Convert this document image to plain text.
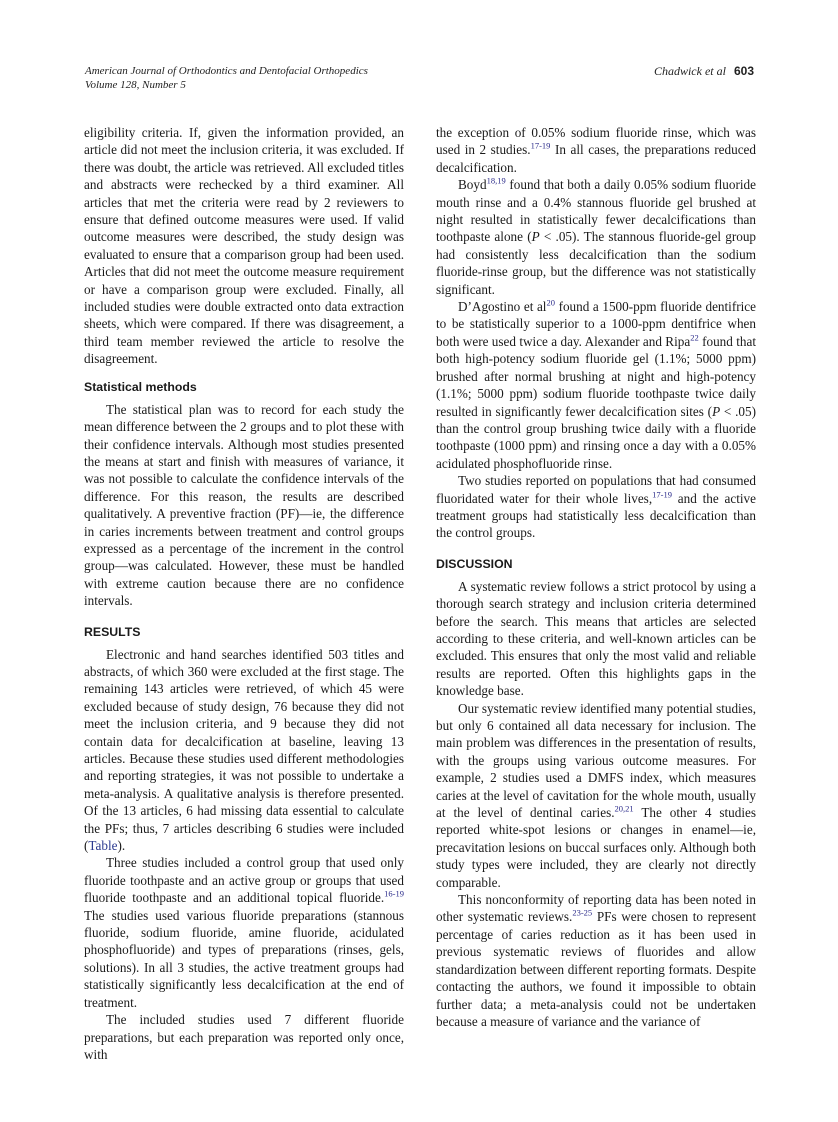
American Journal of Orthodontics and Dentofacial Orthopedics
Volume 128, Number 5
Chadwick et al 603

eligibility criteria. If, given the information provided, an article did not meet the inclusion criteria, it was excluded. If there was doubt, the article was retrieved. All excluded titles and abstracts were rechecked by a third examiner. All articles that met the criteria were read by 2 reviewers to ensure that defined outcome measures were used. If valid outcome measures were described, the study design was evaluated to ensure that a comparison group had been used. Articles that did not meet the outcome measure requirement or have a comparison group were excluded. Finally, all included studies were double extracted onto data extraction sheets, which were compared. If there was disagreement, a third team member reviewed the article to resolve the disagreement.

Statistical methods

The statistical plan was to record for each study the mean difference between the 2 groups and to plot these with their confidence intervals. Although most studies presented the means at start and finish with measures of variance, it was not possible to calculate the confidence intervals of the difference. For this reason, the results are described qualitatively. A preventive fraction (PF)—ie, the difference in caries increments between treatment and control groups expressed as a percentage of the increment in the control group—was calculated. However, these must be handled with extreme caution because there are no confidence intervals.

RESULTS

Electronic and hand searches identified 503 titles and abstracts, of which 360 were excluded at the first stage. The remaining 143 articles were retrieved, of which 45 were excluded because of study design, 76 because they did not meet the inclusion criteria, and 9 because they did not contain data for decalcification at baseline, leaving 13 articles. Because these studies used different methodologies and reporting strategies, it was not possible to undertake a meta-analysis. A qualitative analysis is therefore presented. Of the 13 articles, 6 had missing data essential to calculate the PFs; thus, 7 articles describing 6 studies were included (Table).

Three studies included a control group that used only fluoride toothpaste and an active group or groups that used fluoride toothpaste and an additional topical fluoride.$^{16-19}$ The studies used various fluoride preparations (stannous fluoride, sodium fluoride, amine fluoride, acidulated phosphofluoride) and types of preparations (rinses, gels, solutions). In all 3 studies, the active treatment groups had statistically significantly less decalcification at the end of treatment.

The included studies used 7 different fluoride preparations, but each preparation was reported only once, with

the exception of 0.05% sodium fluoride rinse, which was used in 2 studies.$^{17-19}$ In all cases, the preparations reduced decalcification.

Boyd$^{18,19}$ found that both a daily 0.05% sodium fluoride mouth rinse and a 0.4% stannous fluoride gel brushed at night resulted in statistically fewer decalcifications than toothpaste alone (P < .05). The stannous fluoride-gel group had consistently less decalcification than the sodium fluoride-rinse group, but the difference was not statistically significant.

D’Agostino et $al^{20}$ found a 1500-ppm fluoride dentifrice to be statistically superior to a 1000-ppm dentifrice when both were used twice a day. Alexander and Ripa$^{22}$ found that both high-potency sodium fluoride gel (1.1%; 5000 ppm) brushed after normal brushing at night and high-potency (1.1%; 5000 ppm) sodium fluoride toothpaste twice daily resulted in significantly fewer decalcification sites (P < .05) than the control group brushing twice daily with a fluoride toothpaste (1000 ppm) and rinsing once a day with a 0.05% acidulated phosphofluoride rinse.

Two studies reported on populations that had consumed fluoridated water for their whole lives,$^{17-19}$ and the active treatment groups had statistically less decalcification than the control groups.

DISCUSSION

A systematic review follows a strict protocol by using a thorough search strategy and inclusion criteria determined before the search. This means that articles are selected according to these criteria, and well-known articles can be excluded. This ensures that only the most valid and reliable results are reported. Often this highlights gaps in the knowledge base.

Our systematic review identified many potential studies, but only 6 contained all data necessary for inclusion. The main problem was differences in the presentation of results, with the groups using various outcome measures. For example, 2 studies used a DMFS index, which measures caries at the level of cavitation for the whole mouth, usually at the level of dentinal caries.$^{20,21}$ The other 4 studies reported white-spot lesions or changes in enamel—ie, precavitation lesions on buccal surfaces only. Although both study types were included, they are clearly not directly comparable.

This nonconformity of reporting data has been noted in other systematic reviews.$^{23-25}$ PFs were chosen to represent percentage of caries reduction as it has been used in previous systematic reviews of fluorides and allow standardization between different reporting formats. Despite contacting the authors, we found it impossible to obtain further data; a meta-analysis could not be undertaken because a measure of variance and the variance of
